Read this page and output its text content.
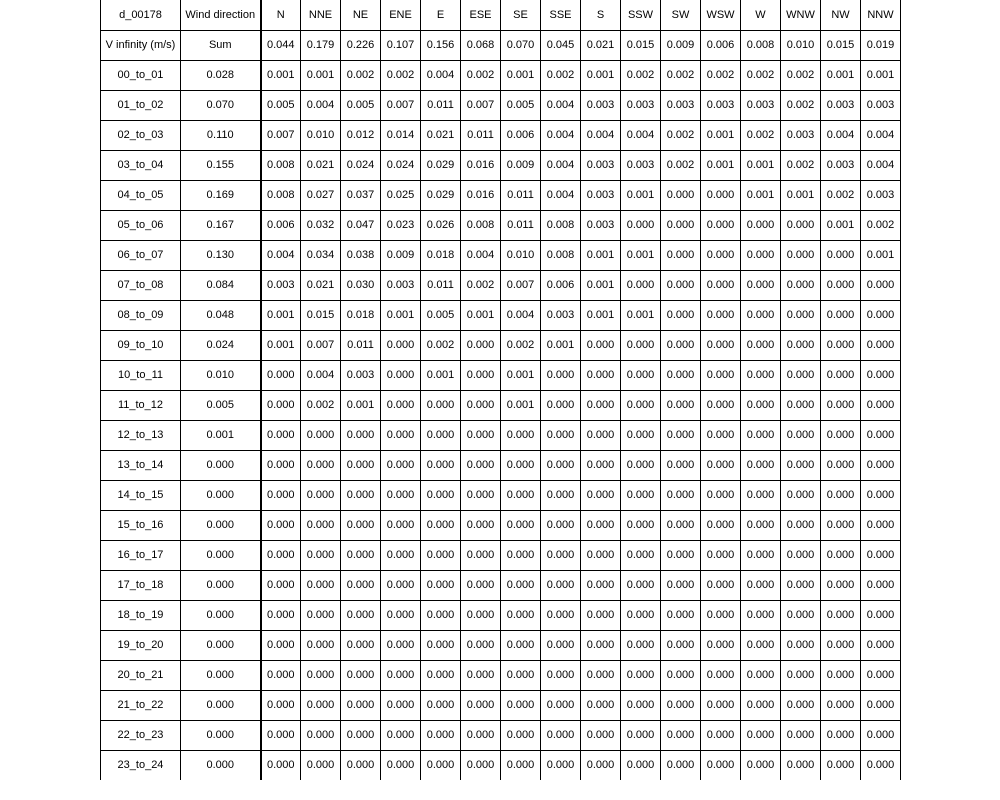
d_00178	Wind direction	N	NNE	NE	ENE	E	ESE	SE	SSE	S	SSW	SW	WSW	W	WNW	NW	NNW
V infinity (m/s)	Sum	0.044	0.179	0.226	0.107	0.156	0.068	0.070	0.045	0.021	0.015	0.009	0.006	0.008	0.010	0.015	0.019
00_to_01	0.028	0.001	0.001	0.002	0.002	0.004	0.002	0.001	0.002	0.001	0.002	0.002	0.002	0.002	0.002	0.001	0.001
01_to_02	0.070	0.005	0.004	0.005	0.007	0.011	0.007	0.005	0.004	0.003	0.003	0.003	0.003	0.003	0.002	0.003	0.003
02_to_03	0.110	0.007	0.010	0.012	0.014	0.021	0.011	0.006	0.004	0.004	0.004	0.002	0.001	0.002	0.003	0.004	0.004
03_to_04	0.155	0.008	0.021	0.024	0.024	0.029	0.016	0.009	0.004	0.003	0.003	0.002	0.001	0.001	0.002	0.003	0.004
04_to_05	0.169	0.008	0.027	0.037	0.025	0.029	0.016	0.011	0.004	0.003	0.001	0.000	0.000	0.001	0.001	0.002	0.003
05_to_06	0.167	0.006	0.032	0.047	0.023	0.026	0.008	0.011	0.008	0.003	0.000	0.000	0.000	0.000	0.000	0.001	0.002
06_to_07	0.130	0.004	0.034	0.038	0.009	0.018	0.004	0.010	0.008	0.001	0.001	0.000	0.000	0.000	0.000	0.000	0.001
07_to_08	0.084	0.003	0.021	0.030	0.003	0.011	0.002	0.007	0.006	0.001	0.000	0.000	0.000	0.000	0.000	0.000	0.000
08_to_09	0.048	0.001	0.015	0.018	0.001	0.005	0.001	0.004	0.003	0.001	0.001	0.000	0.000	0.000	0.000	0.000	0.000
09_to_10	0.024	0.001	0.007	0.011	0.000	0.002	0.000	0.002	0.001	0.000	0.000	0.000	0.000	0.000	0.000	0.000	0.000
10_to_11	0.010	0.000	0.004	0.003	0.000	0.001	0.000	0.001	0.000	0.000	0.000	0.000	0.000	0.000	0.000	0.000	0.000
11_to_12	0.005	0.000	0.002	0.001	0.000	0.000	0.000	0.001	0.000	0.000	0.000	0.000	0.000	0.000	0.000	0.000	0.000
12_to_13	0.001	0.000	0.000	0.000	0.000	0.000	0.000	0.000	0.000	0.000	0.000	0.000	0.000	0.000	0.000	0.000	0.000
13_to_14	0.000	0.000	0.000	0.000	0.000	0.000	0.000	0.000	0.000	0.000	0.000	0.000	0.000	0.000	0.000	0.000	0.000
14_to_15	0.000	0.000	0.000	0.000	0.000	0.000	0.000	0.000	0.000	0.000	0.000	0.000	0.000	0.000	0.000	0.000	0.000
15_to_16	0.000	0.000	0.000	0.000	0.000	0.000	0.000	0.000	0.000	0.000	0.000	0.000	0.000	0.000	0.000	0.000	0.000
16_to_17	0.000	0.000	0.000	0.000	0.000	0.000	0.000	0.000	0.000	0.000	0.000	0.000	0.000	0.000	0.000	0.000	0.000
17_to_18	0.000	0.000	0.000	0.000	0.000	0.000	0.000	0.000	0.000	0.000	0.000	0.000	0.000	0.000	0.000	0.000	0.000
18_to_19	0.000	0.000	0.000	0.000	0.000	0.000	0.000	0.000	0.000	0.000	0.000	0.000	0.000	0.000	0.000	0.000	0.000
19_to_20	0.000	0.000	0.000	0.000	0.000	0.000	0.000	0.000	0.000	0.000	0.000	0.000	0.000	0.000	0.000	0.000	0.000
20_to_21	0.000	0.000	0.000	0.000	0.000	0.000	0.000	0.000	0.000	0.000	0.000	0.000	0.000	0.000	0.000	0.000	0.000
21_to_22	0.000	0.000	0.000	0.000	0.000	0.000	0.000	0.000	0.000	0.000	0.000	0.000	0.000	0.000	0.000	0.000	0.000
22_to_23	0.000	0.000	0.000	0.000	0.000	0.000	0.000	0.000	0.000	0.000	0.000	0.000	0.000	0.000	0.000	0.000	0.000
23_to_24	0.000	0.000	0.000	0.000	0.000	0.000	0.000	0.000	0.000	0.000	0.000	0.000	0.000	0.000	0.000	0.000	0.000
